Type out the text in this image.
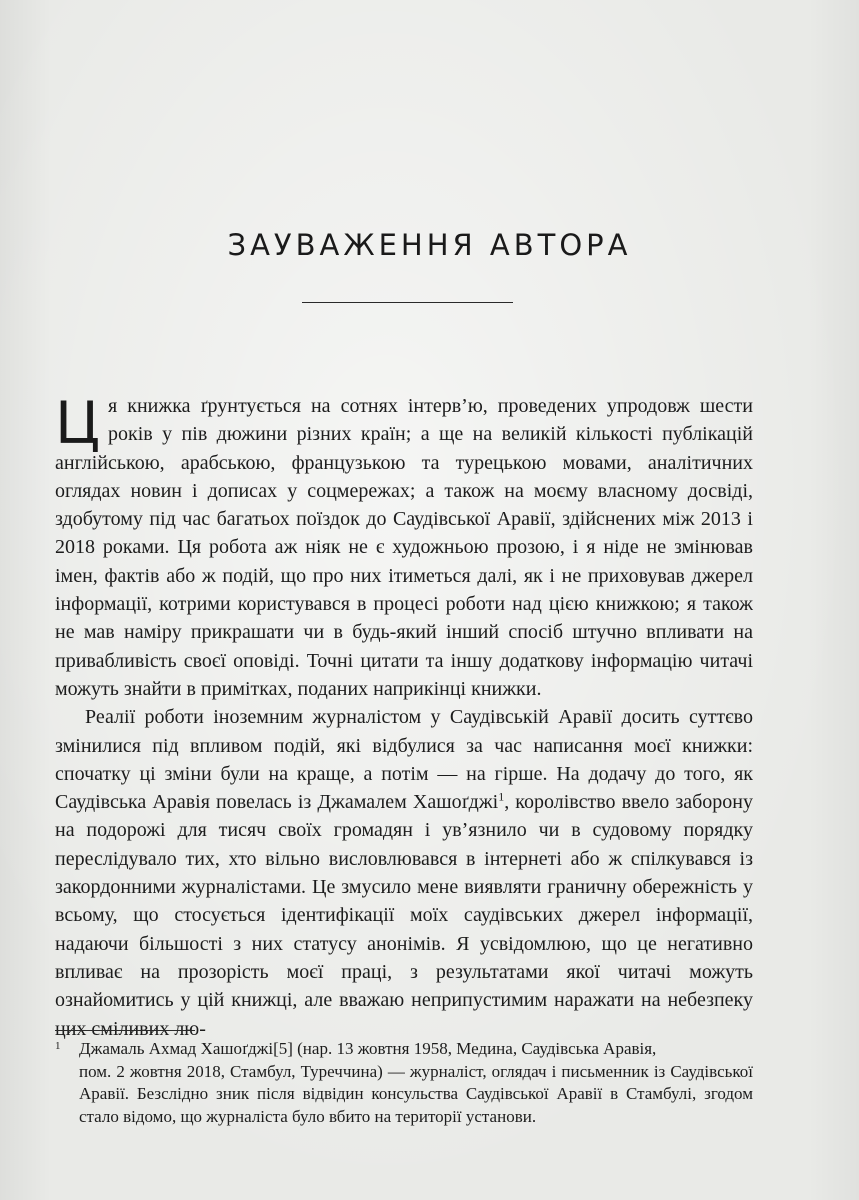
ЗАУВАЖЕННЯ АВТОРА

Ця книжка ґрунтується на сотнях інтерв’ю, проведених упродовж шести років у пів дюжини різних країн; а ще на великій кількості публікацій англійською, арабською, французькою та турецькою мовами, аналітичних оглядах новин і дописах у соцмережах; а також на моєму власному досвіді, здобутому під час багатьох поїздок до Саудівської Аравії, здійснених між 2013 і 2018 роками. Ця робота аж ніяк не є художньою прозою, і я ніде не змінював імен, фактів або ж подій, що про них ітиметься далі, як і не приховував джерел інформації, котрими користувався в процесі роботи над цією книжкою; я також не мав наміру прикрашати чи в будь-який інший спосіб штучно впливати на привабливість своєї оповіді. Точні цитати та іншу додаткову інформацію читачі можуть знайти в примітках, поданих наприкінці книжки.

Реалії роботи іноземним журналістом у Саудівській Аравії досить суттєво змінилися під впливом подій, які відбулися за час написання моєї книжки: спочатку ці зміни були на краще, а потім — на гірше. На додачу до того, як Саудівська Аравія повелась із Джамалем Хашоґджі$^1$, королівство ввело заборону на подорожі для тисяч своїх громадян і ув’язнило чи в судовому порядку переслідувало тих, хто вільно висловлювався в інтернеті або ж спілкувався із закордонними журналістами. Це змусило мене виявляти граничну обережність у всьому, що стосується ідентифікації моїх саудівських джерел інформації, надаючи більшості з них статусу анонімів. Я усвідомлюю, що це негативно впливає на прозорість моєї праці, з результатами якої читачі можуть ознайомитись у цій книжці, але вважаю неприпустимим наражати на небезпеку цих сміливих лю-

1 Джамаль Ахмад Хашоґджі[5] (нар. 13 жовтня 1958, Медина, Саудівська Аравія,
пом. 2 жовтня 2018, Стамбул, Туреччина) — журналіст, оглядач і письменник із Саудівської Аравії. Безслідно зник після відвідин консульства Саудівської Аравії в Стамбулі, згодом стало відомо, що журналіста було вбито на території установи.
